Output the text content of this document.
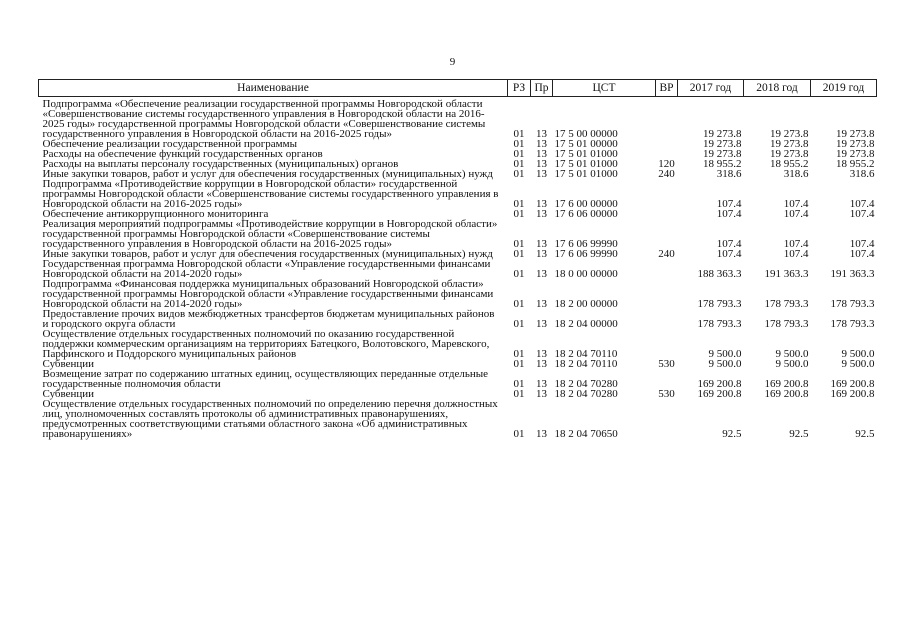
9
Наименование	РЗ	Пр	ЦСТ	ВР	2017 год	2018 год	2019 год
Подпрограмма «Обеспечение реализации государственной программы Новгородской области «Совершенствование системы государственного управления в Новгородской области на 2016-2025 годы» государственной программы Новгородской области «Совершенствование системы государственного управления в Новгородской области на 2016-2025 годы»	01	13	17 5 00 00000		19 273.8	19 273.8	19 273.8
Обеспечение реализации государственной программы	01	13	17 5 01 00000		19 273.8	19 273.8	19 273.8
Расходы на обеспечение функций государственных органов	01	13	17 5 01 01000		19 273.8	19 273.8	19 273.8
Расходы на выплаты персоналу государственных (муниципальных) органов	01	13	17 5 01 01000	120	18 955.2	18 955.2	18 955.2
Иные закупки товаров, работ и услуг для обеспечения государственных (муниципальных) нужд	01	13	17 5 01 01000	240	318.6	318.6	318.6
Подпрограмма «Противодействие коррупции в Новгородской области» государственной программы Новгородской области «Совершенствование системы государственного управления в Новгородской области на 2016-2025 годы»	01	13	17 6 00 00000		107.4	107.4	107.4
Обеспечение антикоррупционного мониторинга	01	13	17 6 06 00000		107.4	107.4	107.4
Реализация мероприятий подпрограммы «Противодействие коррупции в Новгородской области» государственной программы Новгородской области «Совершенствование системы государственного управления в Новгородской области на 2016-2025 годы»	01	13	17 6 06 99990		107.4	107.4	107.4
Иные закупки товаров, работ и услуг для обеспечения государственных (муниципальных) нужд	01	13	17 6 06 99990	240	107.4	107.4	107.4
Государственная программа Новгородской области «Управление государственными финансами Новгородской области на 2014-2020 годы»	01	13	18 0 00 00000		188 363.3	191 363.3	191 363.3
Подпрограмма «Финансовая поддержка муниципальных образований Новгородской области» государственной программы Новгородской области «Управление государственными финансами Новгородской области на 2014-2020 годы»	01	13	18 2 00 00000		178 793.3	178 793.3	178 793.3
Предоставление прочих видов межбюджетных трансфертов бюджетам муниципальных районов и городского округа области	01	13	18 2 04 00000		178 793.3	178 793.3	178 793.3
Осуществление отдельных государственных полномочий по оказанию государственной поддержки коммерческим организациям на территориях Батецкого, Волотовского, Маревского, Парфинского и Поддорского муниципальных районов	01	13	18 2 04 70110		9 500.0	9 500.0	9 500.0
Субвенции	01	13	18 2 04 70110	530	9 500.0	9 500.0	9 500.0
Возмещение затрат по содержанию штатных единиц, осуществляющих переданные отдельные государственные полномочия области	01	13	18 2 04 70280		169 200.8	169 200.8	169 200.8
Субвенции	01	13	18 2 04 70280	530	169 200.8	169 200.8	169 200.8
Осуществление отдельных государственных полномочий по определению перечня должностных лиц, уполномоченных составлять протоколы об административных правонарушениях, предусмотренных соответствующими статьями областного закона «Об административных правонарушениях»	01	13	18 2 04 70650		92.5	92.5	92.5
